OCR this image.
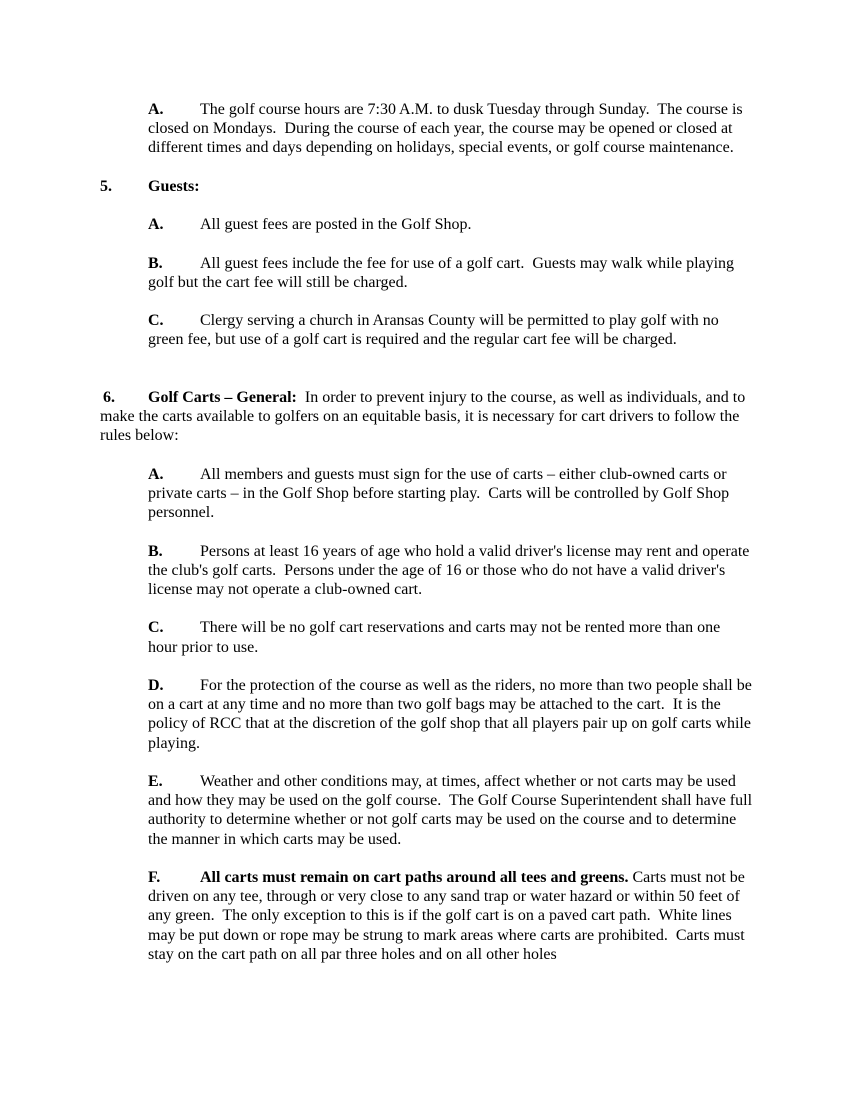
A. The golf course hours are 7:30 A.M. to dusk Tuesday through Sunday.  The course is closed on Mondays.  During the course of each year, the course may be opened or closed at different times and days depending on holidays, special events, or golf course maintenance.

5. Guests:

A. All guest fees are posted in the Golf Shop.

B. All guest fees include the fee for use of a golf cart.  Guests may walk while playing golf but the cart fee will still be charged.

C. Clergy serving a church in Aransas County will be permitted to play golf with no green fee, but use of a golf cart is required and the regular cart fee will be charged.

6. Golf Carts – General:  In order to prevent injury to the course, as well as individuals, and to make the carts available to golfers on an equitable basis, it is necessary for cart drivers to follow the rules below:

A. All members and guests must sign for the use of carts – either club-owned carts or private carts – in the Golf Shop before starting play.  Carts will be controlled by Golf Shop personnel.

B. Persons at least 16 years of age who hold a valid driver's license may rent and operate the club's golf carts.  Persons under the age of 16 or those who do not have a valid driver's license may not operate a club-owned cart.

C. There will be no golf cart reservations and carts may not be rented more than one hour prior to use.

D. For the protection of the course as well as the riders, no more than two people shall be on a cart at any time and no more than two golf bags may be attached to the cart.  It is the policy of RCC that at the discretion of the golf shop that all players pair up on golf carts while playing.

E. Weather and other conditions may, at times, affect whether or not carts may be used and how they may be used on the golf course.  The Golf Course Superintendent shall have full authority to determine whether or not golf carts may be used on the course and to determine the manner in which carts may be used.

F. All carts must remain on cart paths around all tees and greens. Carts must not be driven on any tee, through or very close to any sand trap or water hazard or within 50 feet of any green.  The only exception to this is if the golf cart is on a paved cart path.  White lines may be put down or rope may be strung to mark areas where carts are prohibited.  Carts must stay on the cart path on all par three holes and on all other holes
